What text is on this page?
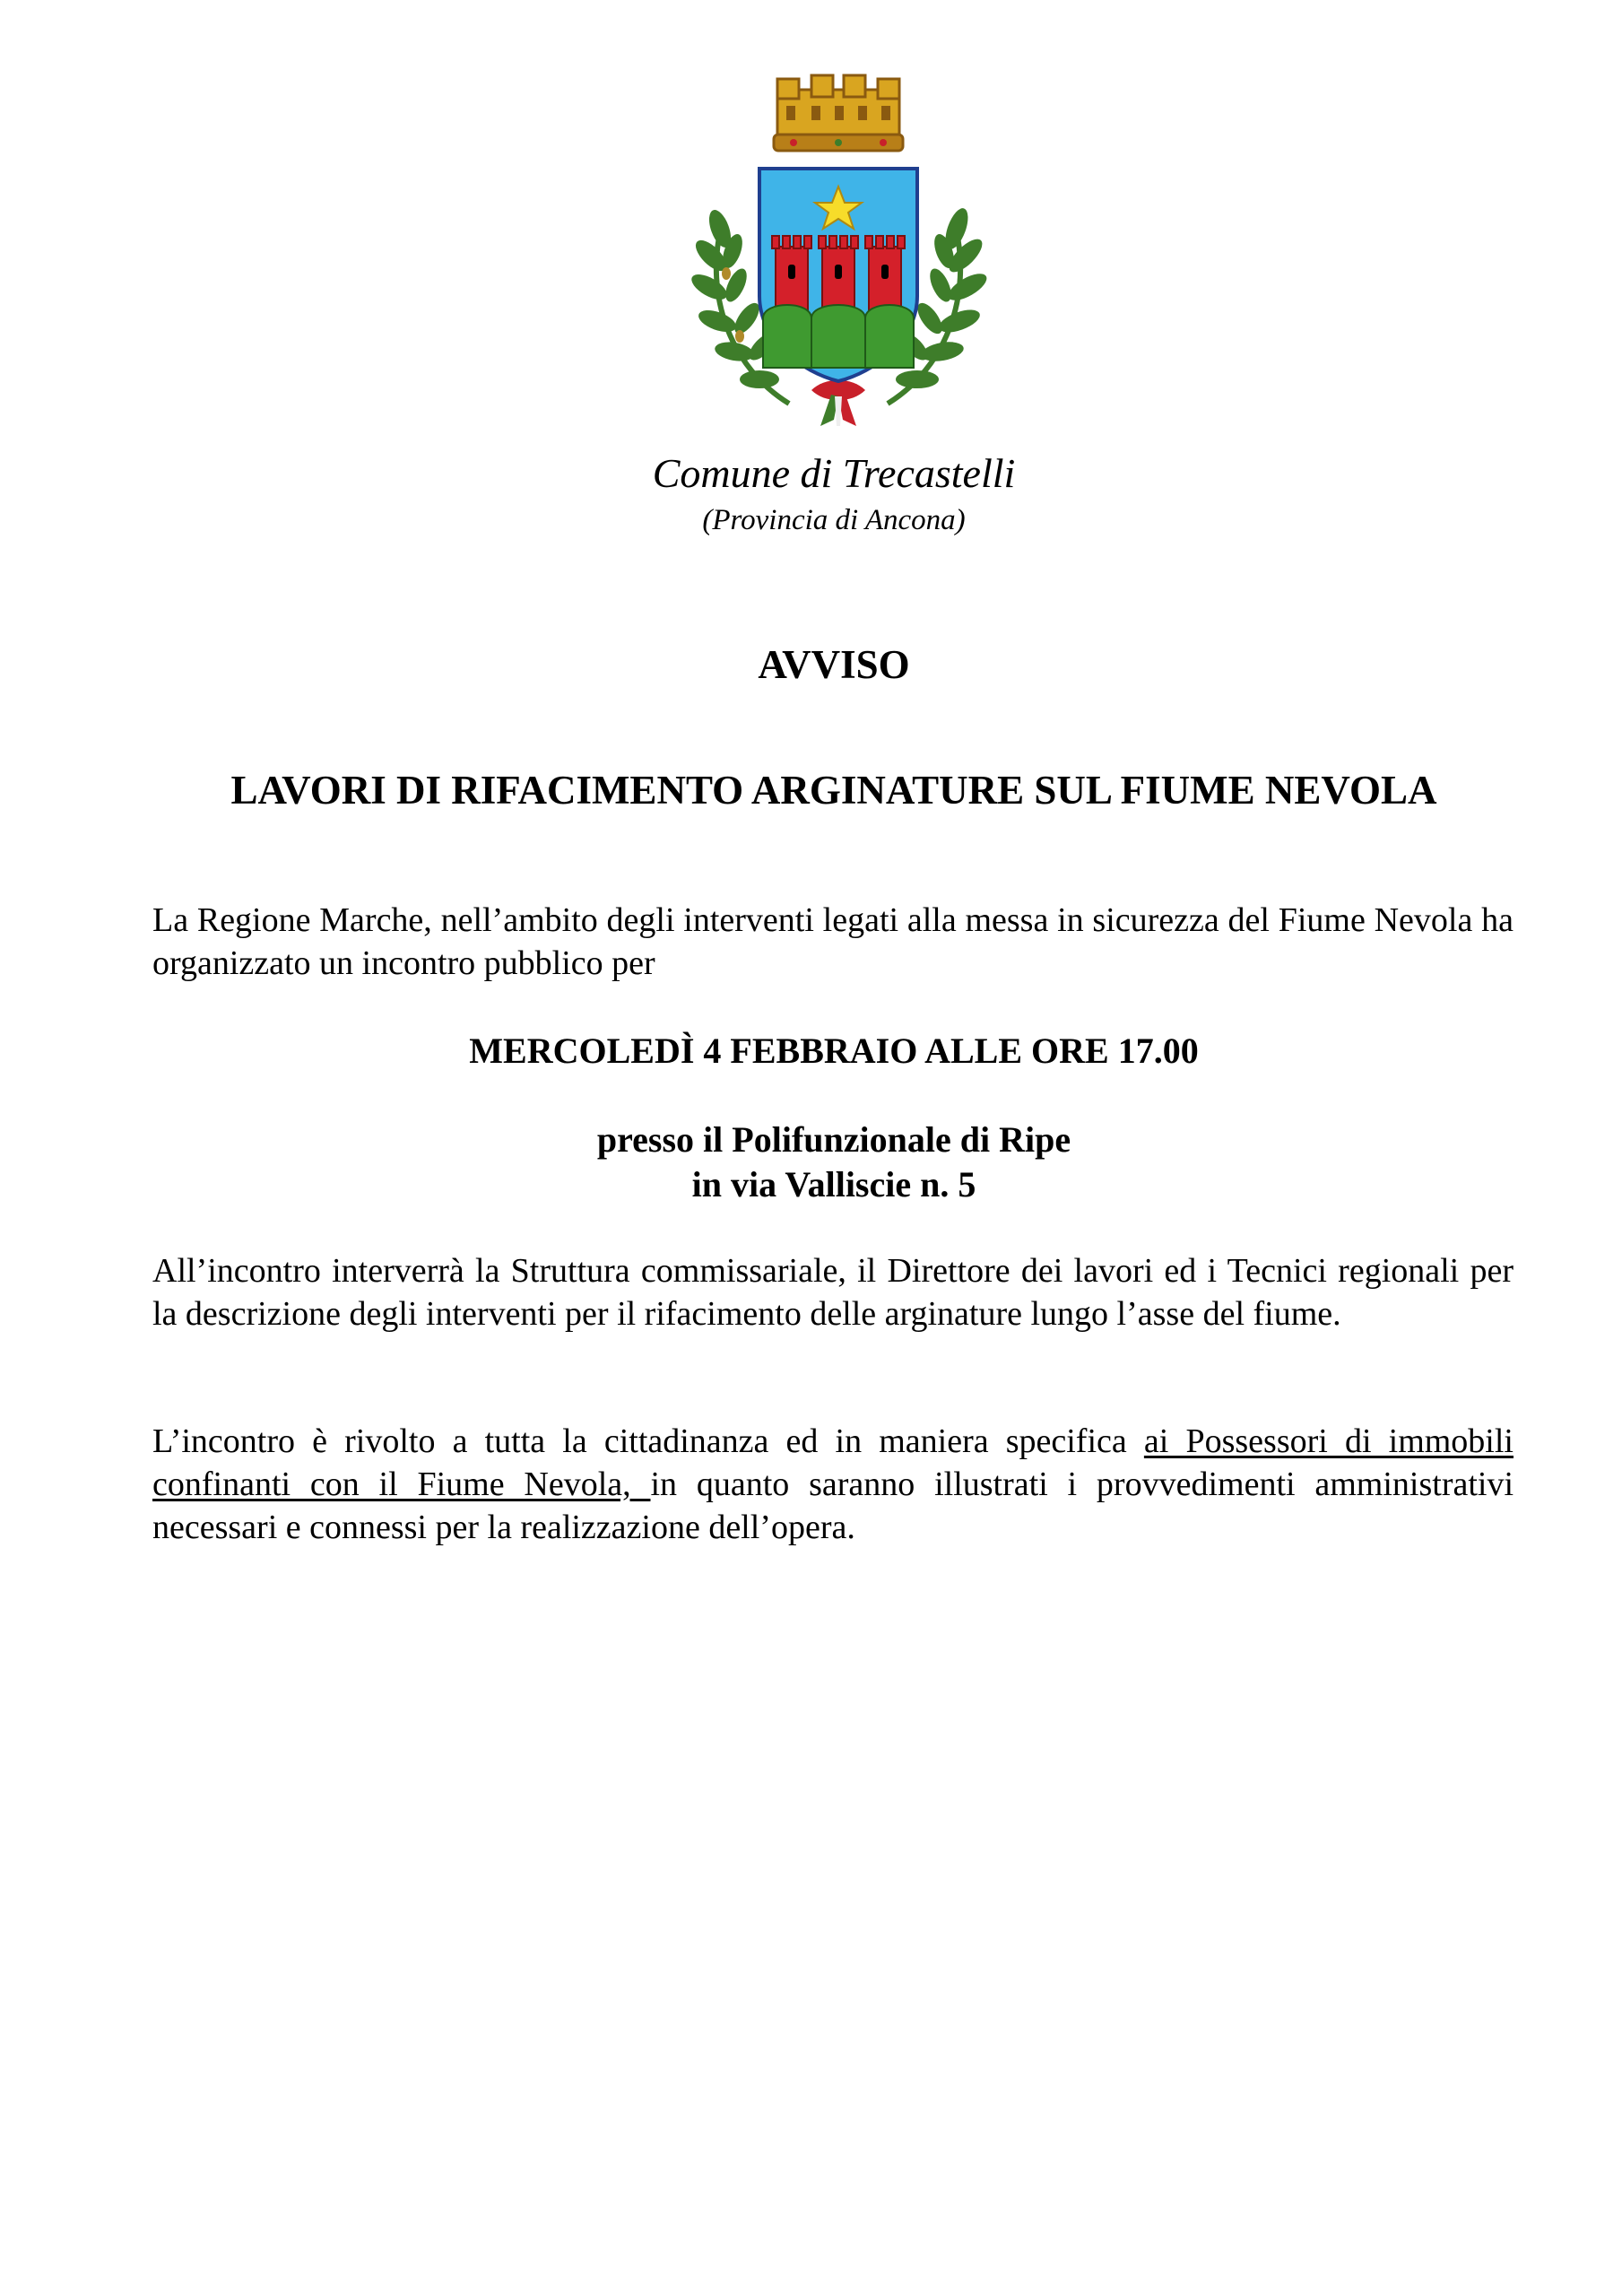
Comune di Trecastelli
(Provincia di Ancona)
AVVISO
LAVORI DI RIFACIMENTO ARGINATURE SUL FIUME NEVOLA
La Regione Marche, nell’ambito degli interventi legati alla messa in sicurezza del Fiume Nevola ha organizzato un incontro pubblico per
MERCOLEDÌ 4 FEBBRAIO ALLE ORE 17.00
presso il Polifunzionale di Ripe
in via Valliscie n. 5
All’incontro interverrà la Struttura commissariale, il Direttore dei lavori ed i Tecnici regionali per la descrizione degli interventi per il rifacimento delle arginature lungo l’asse del fiume.
L’incontro è rivolto a tutta la cittadinanza ed in maniera specifica ai Possessori di immobili confinanti con il Fiume Nevola, in quanto saranno illustrati i provvedimenti amministrativi necessari e connessi per la realizzazione dell’opera.
